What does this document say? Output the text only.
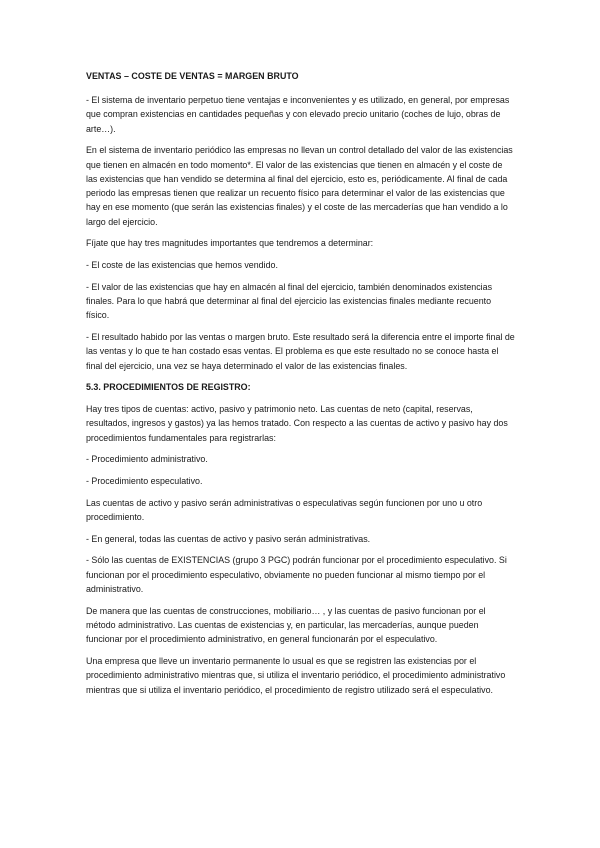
VENTAS – COSTE DE VENTAS = MARGEN BRUTO

- El sistema de inventario perpetuo tiene ventajas e inconvenientes y es utilizado, en general, por empresas que compran existencias en cantidades pequeñas y con elevado precio unitario (coches de lujo, obras de arte…).

En el sistema de inventario periódico las empresas no llevan un control detallado del valor de las existencias que tienen en almacén en todo momento*. El valor de las existencias que tienen en almacén y el coste de las existencias que han vendido se determina al final del ejercicio, esto es, periódicamente. Al final de cada periodo las empresas tienen que realizar un recuento físico para determinar el valor de las existencias que hay en ese momento (que serán las existencias finales) y el coste de las mercaderías que han vendido a lo largo del ejercicio.

Fíjate que hay tres magnitudes importantes que tendremos a determinar:

- El coste de las existencias que hemos vendido.

- El valor de las existencias que hay en almacén al final del ejercicio, también denominados existencias finales. Para lo que habrá que determinar al final del ejercicio las existencias finales mediante recuento físico.

- El resultado habido por las ventas o margen bruto. Este resultado será la diferencia entre el importe final de las ventas y lo que te han costado esas ventas. El problema es que este resultado no se conoce hasta el final del ejercicio, una vez se haya determinado el valor de las existencias finales.

5.3. PROCEDIMIENTOS DE REGISTRO:

Hay tres tipos de cuentas: activo, pasivo y patrimonio neto. Las cuentas de neto (capital, reservas, resultados, ingresos y gastos) ya las hemos tratado. Con respecto a las cuentas de activo y pasivo hay dos procedimientos fundamentales para registrarlas:

- Procedimiento administrativo.

- Procedimiento especulativo.

Las cuentas de activo y pasivo serán administrativas o especulativas según funcionen por uno u otro procedimiento.

- En general, todas las cuentas de activo y pasivo serán administrativas.

- Sólo las cuentas de EXISTENCIAS (grupo 3 PGC) podrán funcionar por el procedimiento especulativo. Si funcionan por el procedimiento especulativo, obviamente no pueden funcionar al mismo tiempo por el administrativo.

De manera que las cuentas de construcciones, mobiliario… , y las cuentas de pasivo funcionan por el método administrativo. Las cuentas de existencias y, en particular, las mercaderías, aunque pueden funcionar por el procedimiento administrativo, en general funcionarán por el especulativo.

Una empresa que lleve un inventario permanente lo usual es que se registren las existencias por el procedimiento administrativo mientras que, si utiliza el inventario periódico, el procedimiento administrativo mientras que si utiliza el inventario periódico, el procedimiento de registro utilizado será el especulativo.
